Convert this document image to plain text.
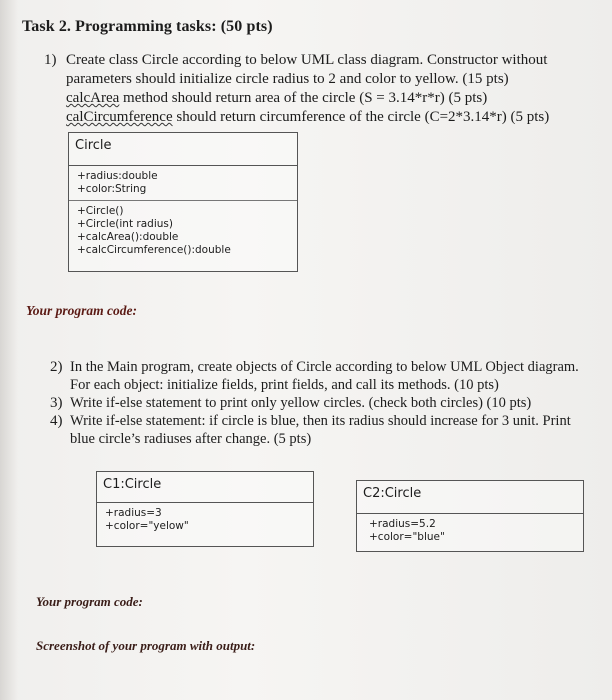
Task 2. Programming tasks: (50 pts)
1) Create class Circle according to below UML class diagram. Constructor without
parameters should initialize circle radius to 2 and color to yellow. (15 pts)
calcArea method should return area of the circle (S = 3.14*r*r) (5 pts)
calCircumference should return circumference of the circle (C=2*3.14*r) (5 pts)
Circle
+radius:double
+color:String
+Circle()
+Circle(int radius)
+calcArea():double
+calcCircumference():double
Your program code:
2) In the Main program, create objects of Circle according to below UML Object diagram.
For each object: initialize fields, print fields, and call its methods. (10 pts)
3) Write if-else statement to print only yellow circles. (check both circles) (10 pts)
4) Write if-else statement: if circle is blue, then its radius should increase for 3 unit. Print
blue circle’s radiuses after change. (5 pts)
C1:Circle
+radius=3
+color="yelow"
C2:Circle
+radius=5.2
+color="blue"
Your program code:
Screenshot of your program with output:
